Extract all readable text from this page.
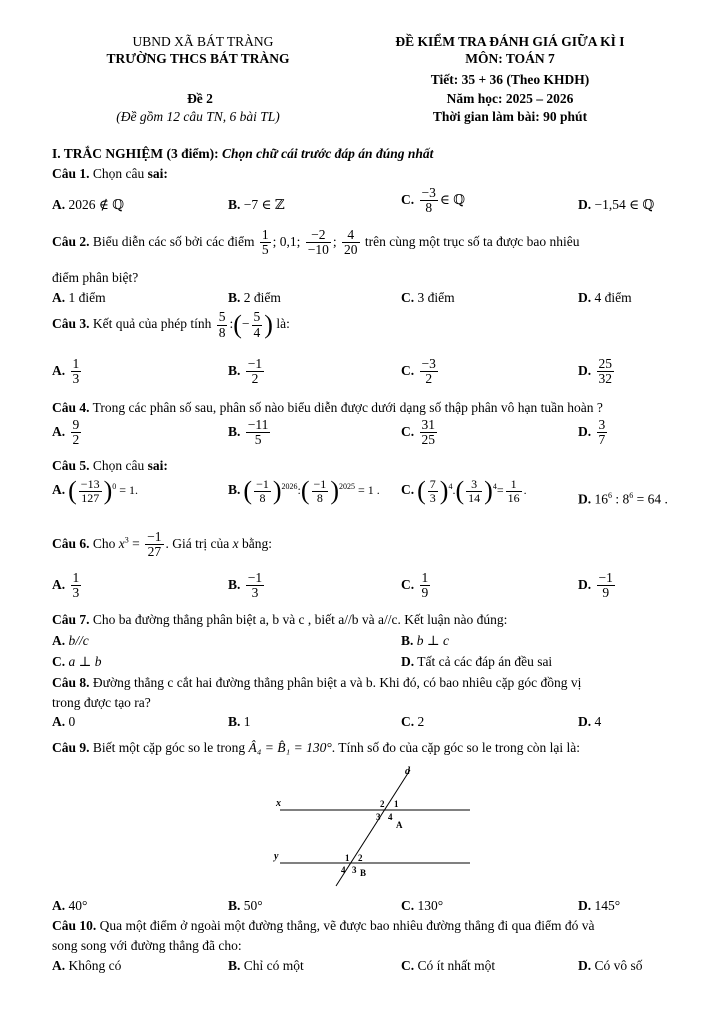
UBND XÃ BÁT TRÀNG
TRƯỜNG THCS BÁT TRÀNG
Đề 2
(Đề gồm 12 câu TN, 6 bài TL)
ĐỀ KIỂM TRA ĐÁNH GIÁ GIỮA KÌ I
MÔN: TOÁN 7
Tiết: 35 + 36 (Theo KHDH)
Năm học: 2025 – 2026
Thời gian làm bài: 90 phút
I. TRẮC NGHIỆM (3 điểm): Chọn chữ cái trước đáp án đúng nhất
Câu 1. Chọn câu sai:
A. 2026 ∉ ℚ	B. −7 ∈ ℤ	C. $\frac{-3}{8}$ ∈ ℚ	D. −1,54 ∈ ℚ
Câu 2. Biểu diễn các số bởi các điểm $\frac{1}{5}$ ; 0,1; $\frac{-2}{-10}$ ; $\frac{4}{20}$ trên cùng một trục số ta được bao nhiêu
điểm phân biệt?
A. 1 điểm	B. 2 điểm	C. 3 điểm	D. 4 điểm
Câu 3. Kết quả của phép tính $\frac{5}{8}$ :(− $\frac{5}{4}$ ) là:
A. $\frac{1}{3}$	B. $\frac{-1}{2}$	C. $\frac{-3}{2}$	D. $\frac{25}{32}$
Câu 4. Trong các phân số sau, phân số nào biểu diễn được dưới dạng số thập phân vô hạn tuần hoàn ?
A. $\frac{9}{2}$	B. $\frac{-11}{5}$	C. $\frac{31}{25}$	D. $\frac{3}{7}$
Câu 5. Chọn câu sai:
A. ( $\frac{-13}{127} )^0 = 1$.	B. ( $\frac{-1}{8}$ )$^{2026}$:( $\frac{-1}{8} )^{2025} = 1$ . C. ( $\frac{7}{3} )^4.( \frac{3}{14} )^4= \frac{1}{16}$ .
D. $16^6$ : $8^6 = 64$ .
Câu 6. Cho $x^3 = \frac{-1}{27}$ . Giá trị của x bằng:
A. $\frac{1}{3}$	B. $\frac{-1}{3}$	C. $\frac{1}{9}$	D. $\frac{-1}{9}$
Câu 7. Cho ba đường thẳng phân biệt a, b và c , biết a//b và a//c. Kết luận nào đúng:
A. b//c	B. b ⊥ c
C. a ⊥ b	D. Tất cả các đáp án đều sai
Câu 8. Đường thẳng c cắt hai đường thẳng phân biệt a và b. Khi đó, có bao nhiêu cặp góc đồng vị
trong được tạo ra?
A. 0	B. 1	C. 2	D. 4
Câu 9. Biết một cặp góc so le trong Â₄ = B̂₁ = 130°. Tính số đo của cặp góc so le trong còn lại là:
d
x
y
2 1
3 4
A
1 2
4 3 B
A. 40°	B. 50°	C. 130°	D. 145°
Câu 10. Qua một điểm ở ngoài một đường thẳng, vẽ được bao nhiêu đường thẳng đi qua điểm đó và
song song với đường thẳng đã cho:
A. Không có	B. Chỉ có một	C. Có ít nhất một	D. Có vô số
